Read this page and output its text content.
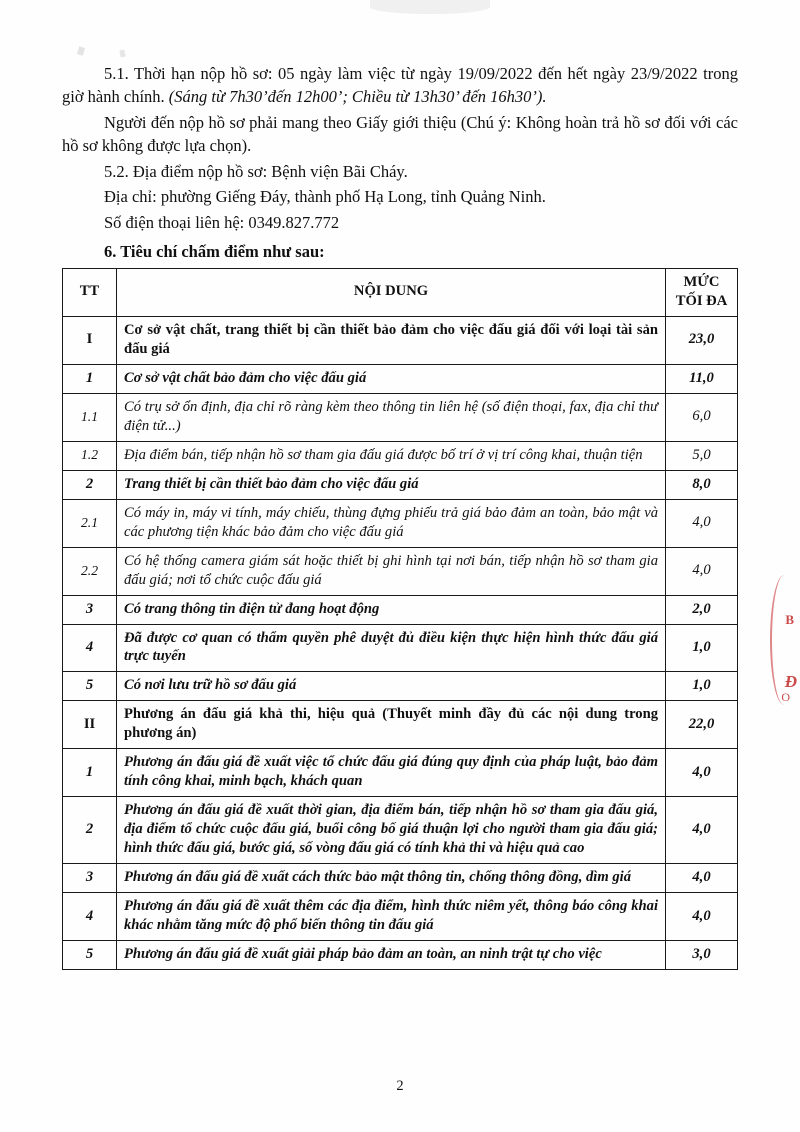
5.1. Thời hạn nộp hồ sơ: 05 ngày làm việc từ ngày 19/09/2022 đến hết ngày 23/9/2022 trong giờ hành chính. (Sáng từ 7h30’đến 12h00’; Chiều từ 13h30’ đến 16h30’).

Người đến nộp hồ sơ phải mang theo Giấy giới thiệu (Chú ý: Không hoàn trả hồ sơ đối với các hồ sơ không được lựa chọn).

5.2. Địa điểm nộp hồ sơ: Bệnh viện Bãi Cháy.

Địa chỉ: phường Giếng Đáy, thành phố Hạ Long, tỉnh Quảng Ninh.

Số điện thoại liên hệ: 0349.827.772

6. Tiêu chí chấm điểm như sau:
TT	NỘI DUNG	MỨC TỐI ĐA
I	Cơ sở vật chất, trang thiết bị cần thiết bảo đảm cho việc đấu giá đối với loại tài sản đấu giá	23,0
1	Cơ sở vật chất bảo đảm cho việc đấu giá	11,0
1.1	Có trụ sở ổn định, địa chỉ rõ ràng kèm theo thông tin liên hệ (số điện thoại, fax, địa chỉ thư điện tử...)	6,0
1.2	Địa điểm bán, tiếp nhận hồ sơ tham gia đấu giá được bố trí ở vị trí công khai, thuận tiện	5,0
2	Trang thiết bị cần thiết bảo đảm cho việc đấu giá	8,0
2.1	Có máy in, máy vi tính, máy chiếu, thùng đựng phiếu trả giá bảo đảm an toàn, bảo mật và các phương tiện khác bảo đảm cho việc đấu giá	4,0
2.2	Có hệ thống camera giám sát hoặc thiết bị ghi hình tại nơi bán, tiếp nhận hồ sơ tham gia đấu giá; nơi tổ chức cuộc đấu giá	4,0
3	Có trang thông tin điện tử đang hoạt động	2,0
4	Đã được cơ quan có thẩm quyền phê duyệt đủ điều kiện thực hiện hình thức đấu giá trực tuyến	1,0
5	Có nơi lưu trữ hồ sơ đấu giá	1,0
II	Phương án đấu giá khả thi, hiệu quả (Thuyết minh đầy đủ các nội dung trong phương án)	22,0
1	Phương án đấu giá đề xuất việc tổ chức đấu giá đúng quy định của pháp luật, bảo đảm tính công khai, minh bạch, khách quan	4,0
2	Phương án đấu giá đề xuất thời gian, địa điểm bán, tiếp nhận hồ sơ tham gia đấu giá, địa điểm tổ chức cuộc đấu giá, buổi công bố giá thuận lợi cho người tham gia đấu giá; hình thức đấu giá, bước giá, số vòng đấu giá có tính khả thi và hiệu quả cao	4,0
3	Phương án đấu giá đề xuất cách thức bảo mật thông tin, chống thông đồng, dìm giá	4,0
4	Phương án đấu giá đề xuất thêm các địa điểm, hình thức niêm yết, thông báo công khai khác nhằm tăng mức độ phổ biến thông tin đấu giá	4,0
5	Phương án đấu giá đề xuất giải pháp bảo đảm an toàn, an ninh trật tự cho việc	3,0
B
Đ
O
2
